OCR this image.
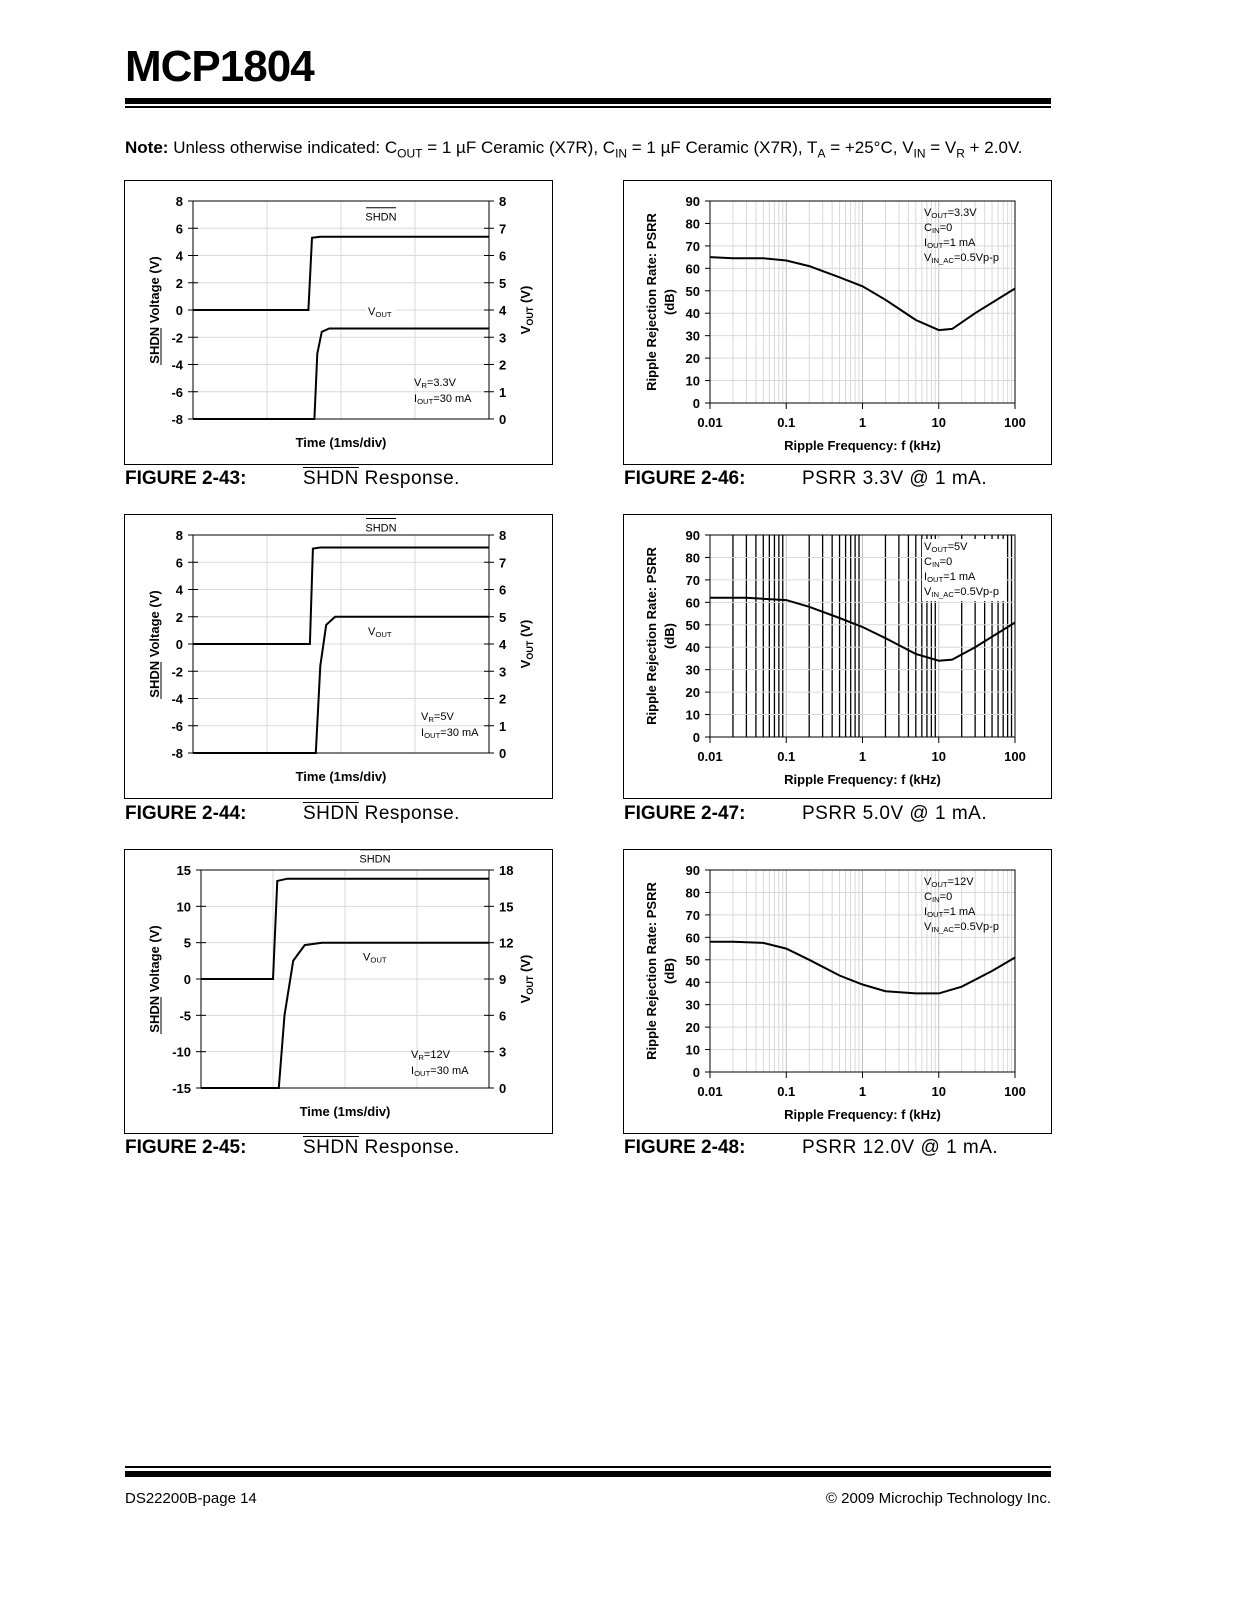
MCP1804
Note: Unless otherwise indicated: $C_{OUT} = 1$ µF Ceramic (X7R), $C_{IN} = 1$ µF Ceramic (X7R), $T_A = +25^\circ C$, $V_{IN} = V_R + 2.0V$.
-8
-6
-4
-2
0
2
4
6
8
0
1
2
3
4
5
6
7
8
Time (1ms/div)
SHDN Voltage (V)	$V_{OUT}$ (V)
SHDN
VOUT
VR=3.3V
IOUT=30 mA
-8
-6
-4
-2
0
2
4
6
8
0
1
2
3
4
5
6
7
8
Time (1ms/div)
SHDN Voltage (V)	$V_{OUT}$ (V)
SHDN
VOUT
VR=5V
IOUT=30 mA
-15
-10
-5
0
5
10
15
0
3
6
9
12
15
18
Time (1ms/div)
SHDN Voltage (V)	$V_{OUT}$ (V)
SHDN
VOUT
VR=12V
IOUT=30 mA
0
10
20
30
40
50
60
70
80
90
0.01	0.1	1	10	100
Ripple Frequency: f (kHz)
Ripple Rejection Rate: PSRR (dB)
VOUT=3.3V
CIN=0
IOUT=1 mA
VIN_AC=0.5Vp-p
0
10
20
30
40
50
60
70
80
90
0.01	0.1	1	10	100
Ripple Frequency: f (kHz)
Ripple Rejection Rate: PSRR (dB)
VOUT=5V
CIN=0
IOUT=1 mA
VIN_AC=0.5Vp-p
0
10
20
30
40
50
60
70
80
90
0.01	0.1	1	10	100
Ripple Frequency: f (kHz)
Ripple Rejection Rate: PSRR (dB)
VOUT=12V
CIN=0
IOUT=1 mA
VIN_AC=0.5Vp-p
FIGURE 2-43:	SHDN Response.
FIGURE 2-44:	SHDN Response.
FIGURE 2-45:	SHDN Response.
FIGURE 2-46:	PSRR 3.3V @ 1 mA.
FIGURE 2-47:	PSRR 5.0V @ 1 mA.
FIGURE 2-48:	PSRR 12.0V @ 1 mA.
DS22200B-page 14	© 2009 Microchip Technology Inc.
